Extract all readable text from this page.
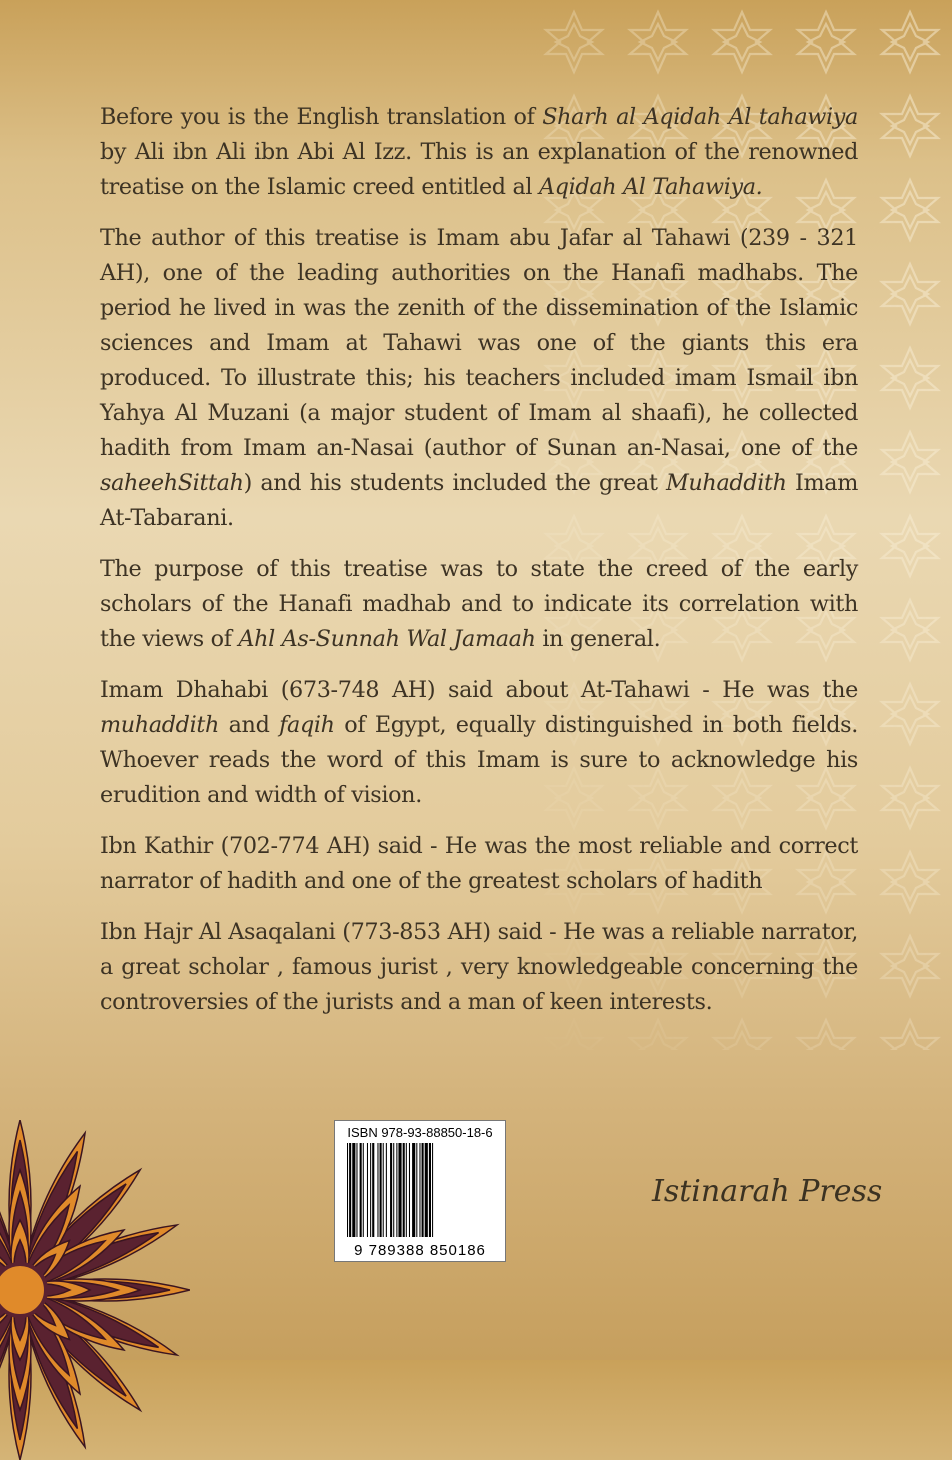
Before you is the English translation of Sharh al Aqidah Al tahawiya by Ali ibn Ali ibn Abi Al Izz. This is an explanation of the renowned treatise on the Islamic creed entitled al Aqidah Al Tahawiya.

The author of this treatise is Imam abu Jafar al Tahawi (239 - 321 AH), one of the leading authorities on the Hanafi madhabs. The period he lived in was the zenith of the dissemination of the Islamic sciences and Imam at Tahawi was one of the giants this era produced. To illustrate this; his teachers included imam Ismail ibn Yahya Al Muzani (a major student of Imam al shaafi), he collected hadith from Imam an-Nasai (author of Sunan an-Nasai, one of the saheehSittah) and his students included the great Muhaddith Imam At-Tabarani.

The purpose of this treatise was to state the creed of the early scholars of the Hanafi madhab and to indicate its correlation with the views of Ahl As-Sunnah Wal Jamaah in general.

Imam Dhahabi (673-748 AH) said about At-Tahawi - He was the muhaddith and faqih of Egypt, equally distinguished in both fields. Whoever reads the word of this Imam is sure to acknowledge his erudition and width of vision.

Ibn Kathir (702-774 AH) said - He was the most reliable and correct narrator of hadith and one of the greatest scholars of hadith

Ibn Hajr Al Asaqalani (773-853 AH) said - He was a reliable narrator, a great scholar , famous jurist , very knowledgeable concerning the controversies of the jurists and a man of keen interests.

ISBN 978-93-88850-18-6
9 789388 850186
Istinarah Press
